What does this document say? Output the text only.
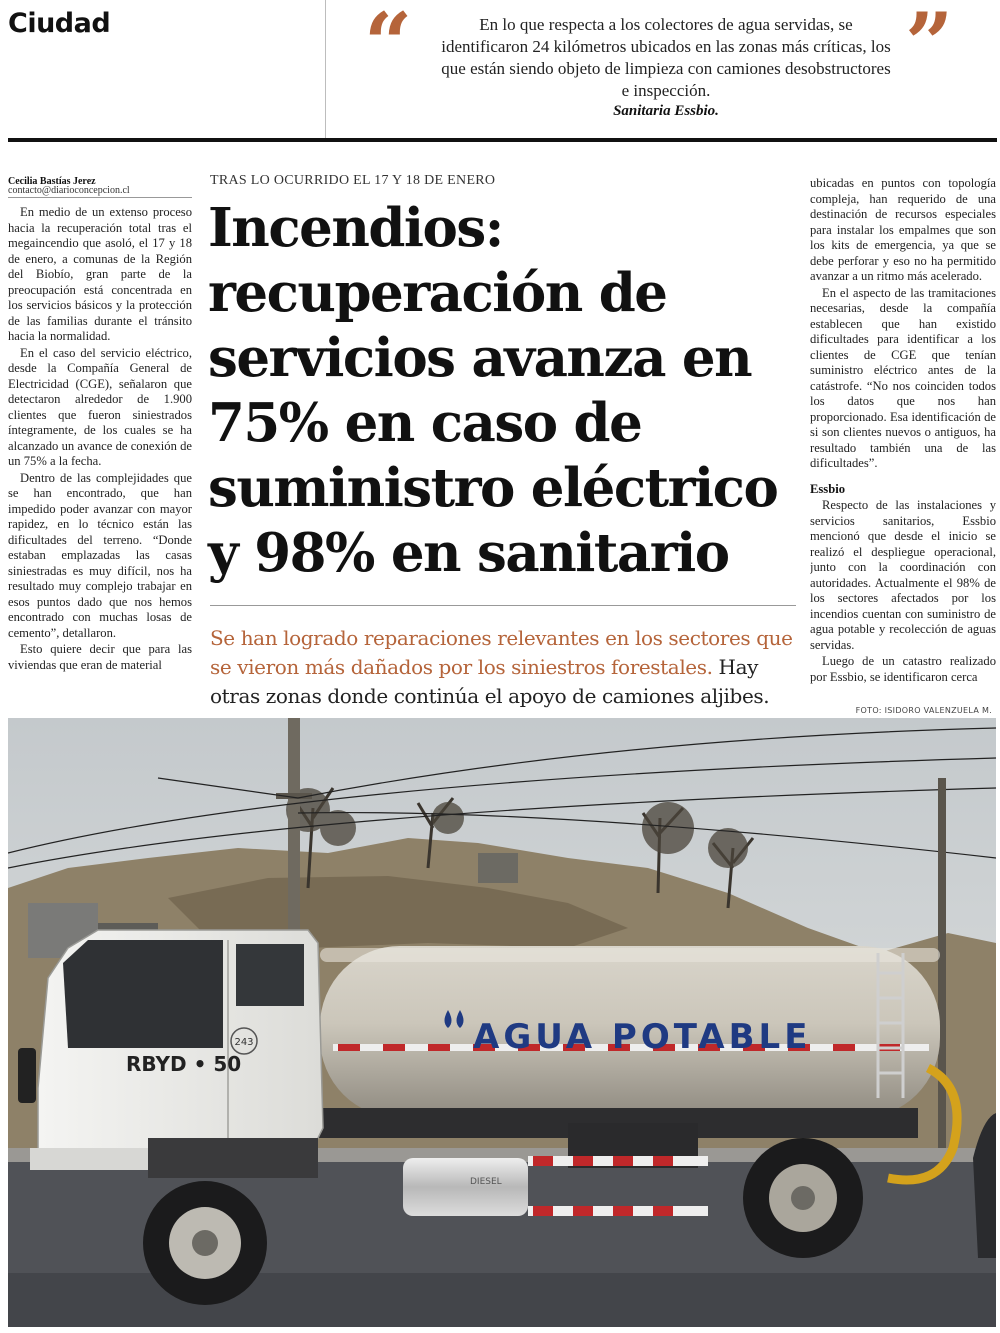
Ciudad	“	En lo que respecta a los colectores de agua servidas, se identificaron 24 kilómetros ubicados en las zonas más críticas, los que están siendo objeto de limpieza con camiones desobstructores e inspección.
Sanitaria Essbio.
”
Cecilia Bastías Jerez
contacto@diarioconcepcion.cl

En medio de un extenso proceso hacia la recuperación total tras el megaincendio que asoló, el 17 y 18 de enero, a comunas de la Región del Biobío, gran parte de la preocupación está concentrada en los servicios básicos y la protección de las familias durante el tránsito hacia la normalidad.

En el caso del servicio eléctrico, desde la Compañía General de Electricidad (CGE), señalaron que detectaron alrededor de 1.900 clientes que fueron siniestrados íntegramente, de los cuales se ha alcanzado un avance de conexión de un 75% a la fecha.

Dentro de las complejidades que se han encontrado, que han impedido poder avanzar con mayor rapidez, en lo técnico están las dificultades del terreno. “Donde estaban emplazadas las casas siniestradas es muy difícil, nos ha resultado muy complejo trabajar en esos puntos dado que nos hemos encontrado con muchas losas de cemento”, detallaron.

Esto quiere decir que para las viviendas que eran de material

TRAS LO OCURRIDO EL 17 Y 18 DE ENERO
Incendios: recuperación de servicios avanza en 75% en caso de suministro eléctrico y 98% en sanitario
Se han logrado reparaciones relevantes en los sectores que se vieron más dañados por los siniestros forestales. Hay otras zonas donde continúa el apoyo de camiones aljibes.

ubicadas en puntos con topología compleja, han requerido de una destinación de recursos especiales para instalar los empalmes que son los kits de emergencia, ya que se debe perforar y eso no ha permitido avanzar a un ritmo más acelerado.

En el aspecto de las tramitaciones necesarias, desde la compañía establecen que han existido dificultades para identificar a los clientes de CGE que tenían suministro eléctrico antes de la catástrofe. “No nos coinciden todos los datos que nos han proporcionado. Esa identificación de si son clientes nuevos o antiguos, ha resultado también una de las dificultades”.

Essbio

Respecto de las instalaciones y servicios sanitarios, Essbio mencionó que desde el inicio se realizó el despliegue operacional, junto con la coordinación con autoridades. Actualmente el 98% de los sectores afectados por los incendios cuentan con suministro de agua potable y recolección de aguas servidas.

Luego de un catastro realizado por Essbio, se identificaron cerca

FOTO: ISIDORO VALENZUELA M.
AGUA POTABLE
DIESEL
243
RBYD • 50
